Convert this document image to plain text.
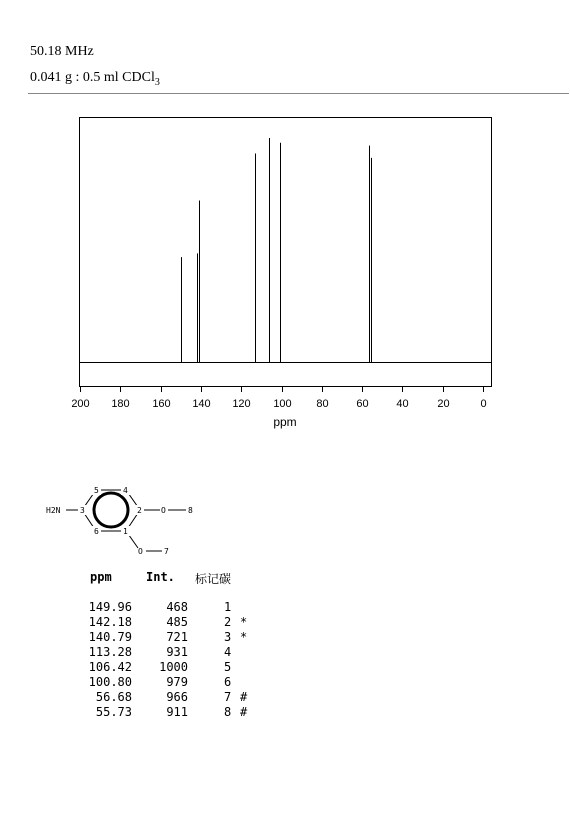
50.18 MHz
0.041 g : 0.5 ml CDCl$_3$
200 180 160 140 120 100 80	60	40	20	0
ppm
H2N 3
5	4
2 O	8
6	1
O	7
ppm	Int. 标记碳
149.96	468	1
142.18	485	2 *
140.79	721	3 *
113.28	931	4
106.42	1000	5
100.80	979	6
56.68	966	7 #
55.73	911	8 #
